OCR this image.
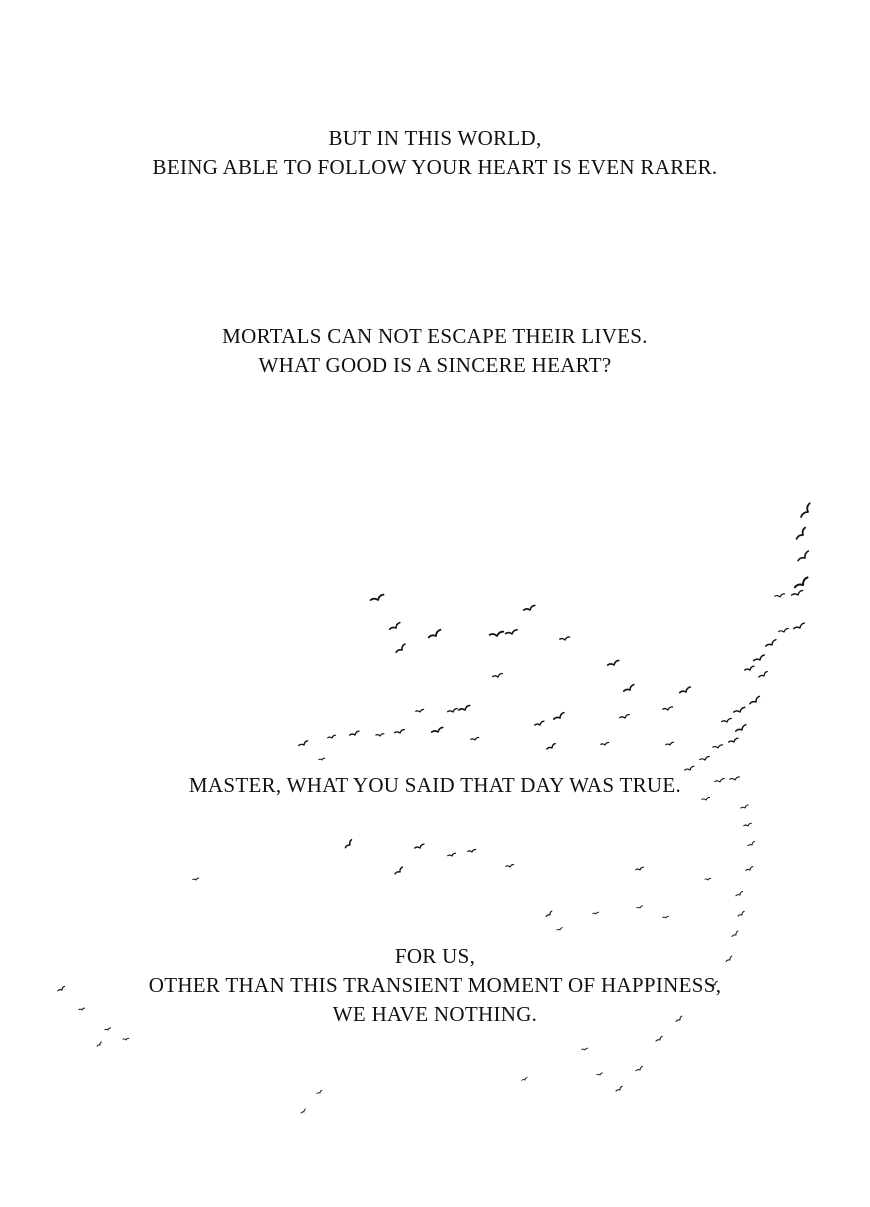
BUT IN THIS WORLD,
BEING ABLE TO FOLLOW YOUR HEART IS EVEN RARER.
MORTALS CAN NOT ESCAPE THEIR LIVES.
WHAT GOOD IS A SINCERE HEART?
MASTER, WHAT YOU SAID THAT DAY WAS TRUE.
FOR US,
OTHER THAN THIS TRANSIENT MOMENT OF HAPPINESS,
WE HAVE NOTHING.
